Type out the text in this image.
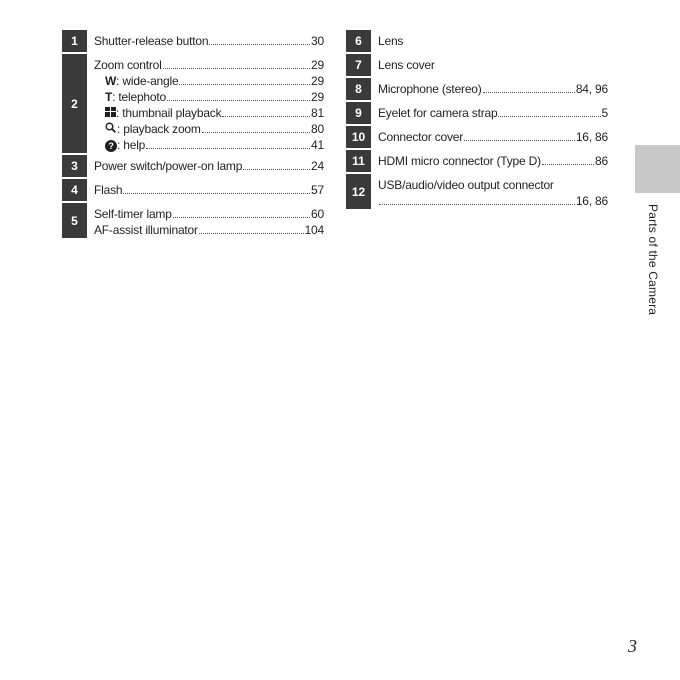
1	Shutter-release button	30
2
Zoom control	29
W : wide-angle	29
T : telephoto	29
: thumbnail playback	81
: playback zoom	80
? : help	41
3	Power switch/power-on lamp	24
4	Flash	57
5	Self-timer lamp	60
AF-assist illuminator	104
6	Lens
7	Lens cover
8	Microphone (stereo)	84, 96
9	Eyelet for camera strap	5
10	Connector cover	16, 86
11	HDMI micro connector (Type D)	86
12	USB/audio/video output connector
16, 86
Parts of the Camera
3
